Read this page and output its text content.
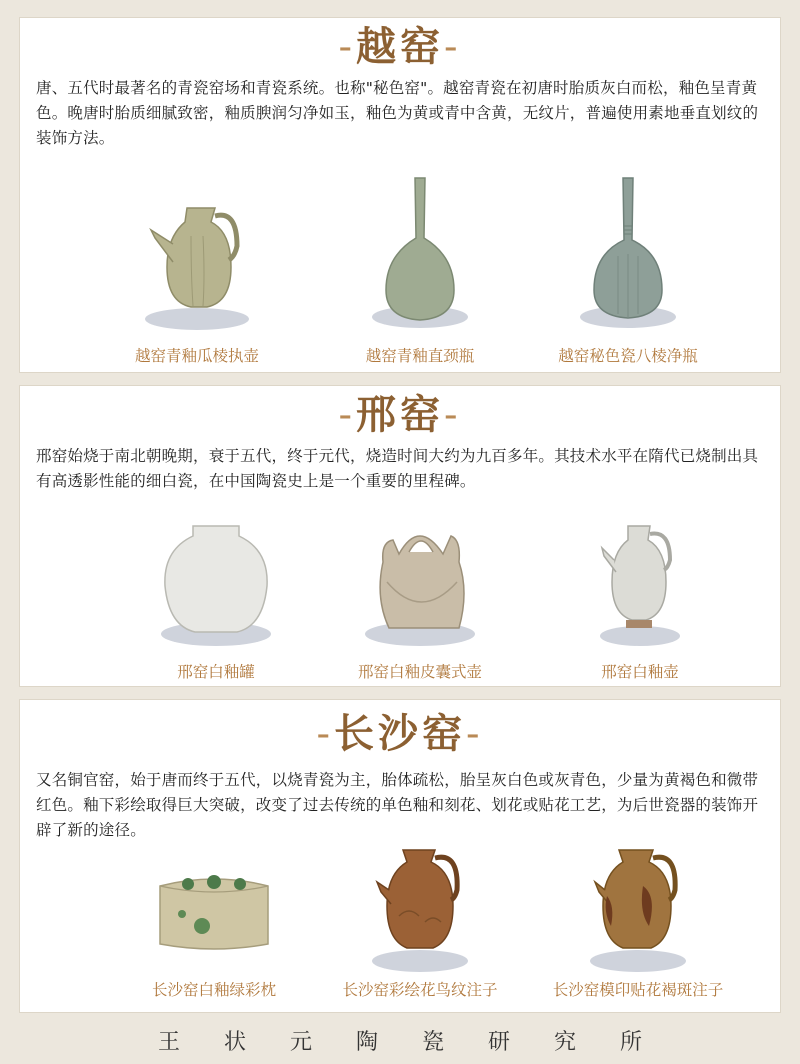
-越窑-
唐、五代时最著名的青瓷窑场和青瓷系统。也称"秘色窑"。越窑青瓷在初唐时胎质灰白而松，釉色呈青黄色。晚唐时胎质细腻致密，釉质腴润匀净如玉，釉色为黄或青中含黄，无纹片，普遍使用素地垂直划纹的装饰方法。
越窑青釉瓜棱执壶	越窑青釉直颈瓶	越窑秘色瓷八棱净瓶
-邢窑-
邢窑始烧于南北朝晚期，衰于五代，终于元代，烧造时间大约为九百多年。其技术水平在隋代已烧制出具有高透影性能的细白瓷，在中国陶瓷史上是一个重要的里程碑。
邢窑白釉罐	邢窑白釉皮囊式壶	邢窑白釉壶
-长沙窑-
又名铜官窑，始于唐而终于五代，以烧青瓷为主，胎体疏松，胎呈灰白色或灰青色，少量为黄褐色和微带红色。釉下彩绘取得巨大突破，改变了过去传统的单色釉和刻花、划花或贴花工艺，为后世瓷器的装饰开辟了新的途径。
长沙窑白釉绿彩枕	长沙窑彩绘花鸟纹注子	长沙窑模印贴花褐斑注子
王 状 元 陶 瓷 研 究 所
